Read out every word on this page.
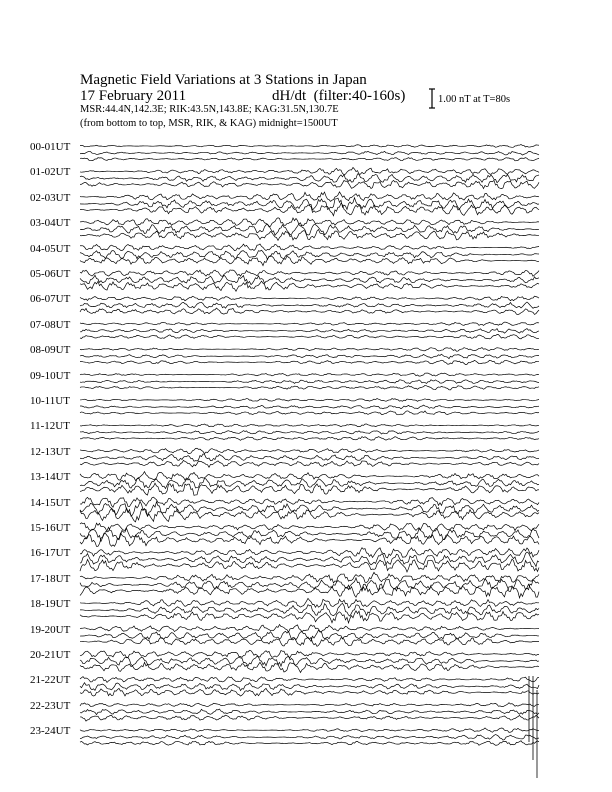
Magnetic Field Variations at 3 Stations in Japan
17 February 2011	dH/dt (filter:40-160s)
MSR:44.4N,142.3E; RIK:43.5N,143.8E; KAG:31.5N,130.7E
(from bottom to top, MSR, RIK, & KAG) midnight=1500UT
1.00 nT at T=80s
00-01UT
01-02UT
02-03UT
03-04UT
04-05UT
05-06UT
06-07UT
07-08UT
08-09UT
09-10UT
10-11UT
11-12UT
12-13UT
13-14UT
14-15UT
15-16UT
16-17UT
17-18UT
18-19UT
19-20UT
20-21UT
21-22UT
22-23UT
23-24UT
